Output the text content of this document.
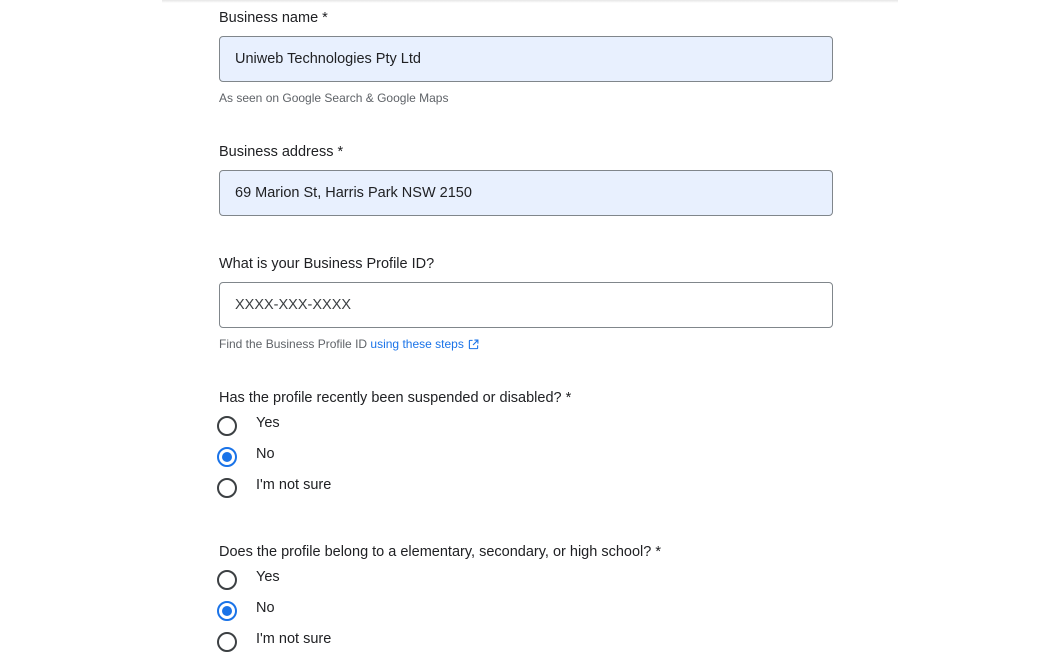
Business name *
Uniweb Technologies Pty Ltd
As seen on Google Search & Google Maps
Business address *
69 Marion St, Harris Park NSW 2150
What is your Business Profile ID?
XXXX-XXX-XXXX
Find the Business Profile ID using these steps
Has the profile recently been suspended or disabled? *
Yes
No
I'm not sure
Does the profile belong to a elementary, secondary, or high school? *
Yes
No
I'm not sure
